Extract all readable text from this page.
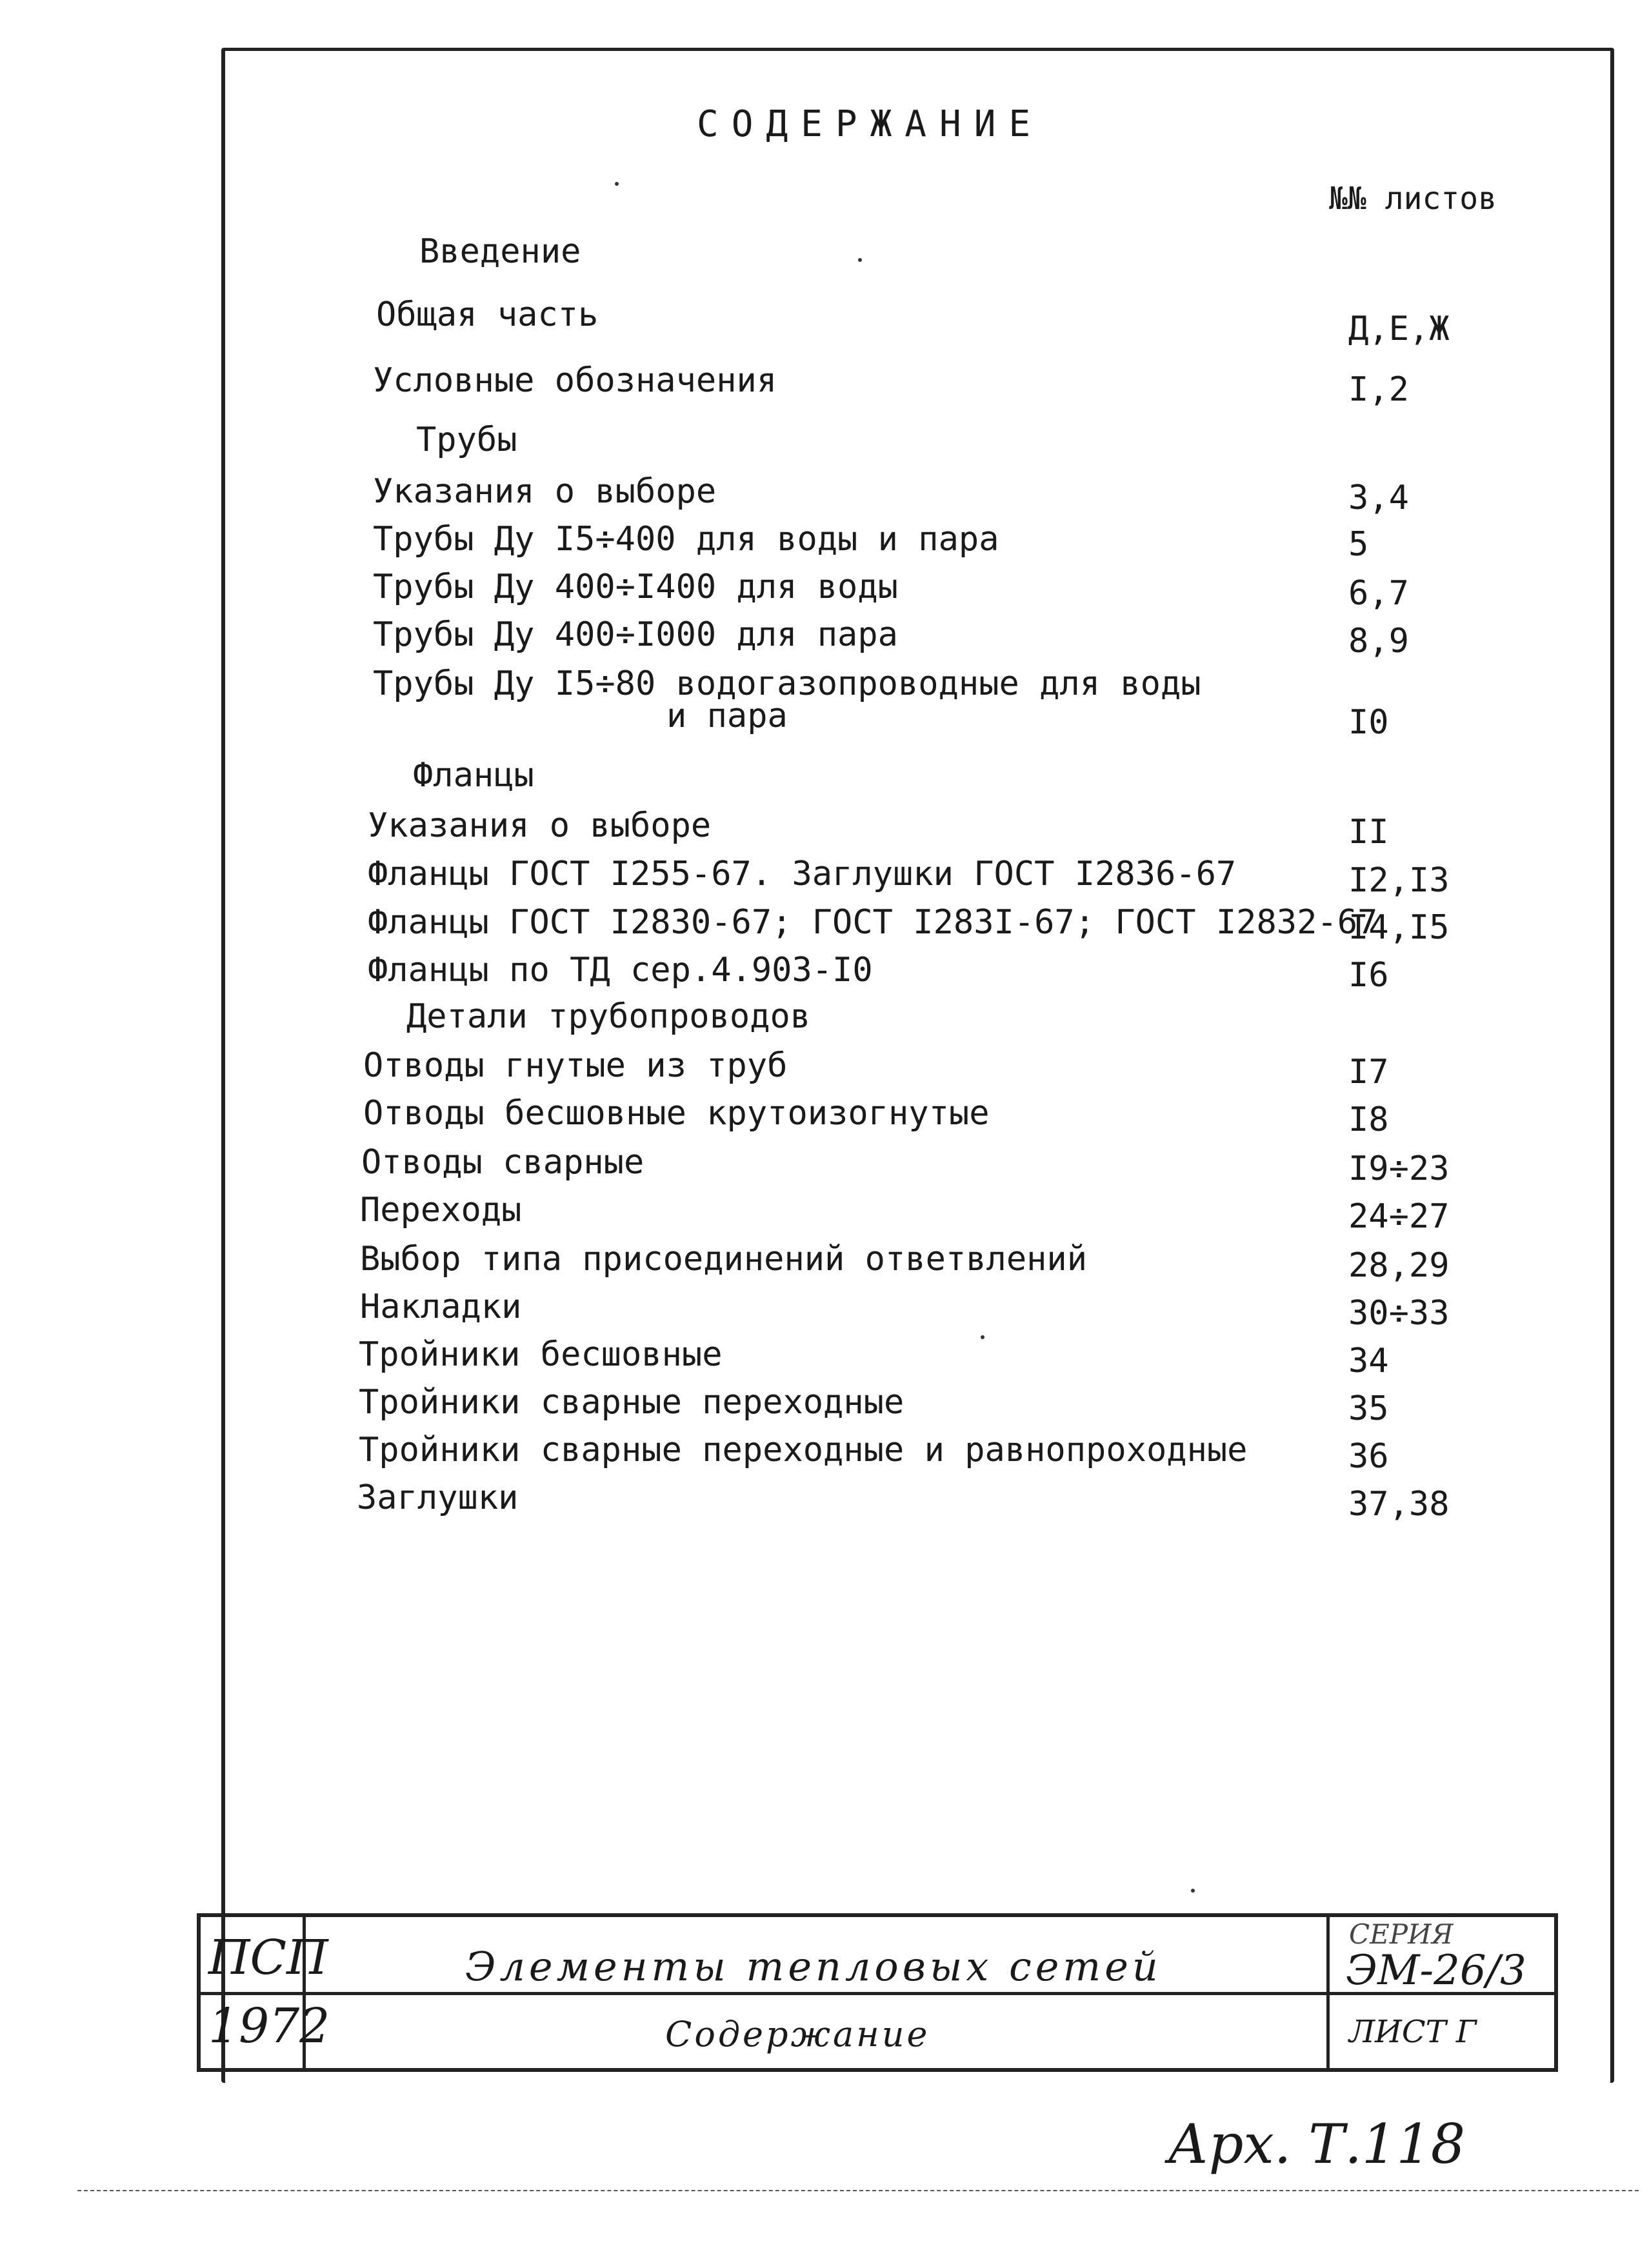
СОДЕРЖАНИЕ
№№ листов
Введение
Общая часть	Д,Е,Ж
Условные обозначения	I,2
Трубы
Указания о выборе	3,4
Трубы Ду I5÷400 для воды и пара	5
Трубы Ду 400÷I400 для воды	6,7
Трубы Ду 400÷I000 для пара	8,9
Трубы Ду I5÷80 водогазопроводные для воды
и пара	I0
Фланцы
Указания о выборе	II
Фланцы ГОСТ I255-67. Заглушки ГОСТ I2836-67	I2,I3
Фланцы ГОСТ I2830-67; ГОСТ I283I-67; ГОСТ I2832-67
I4,I5
Фланцы по ТД сер.4.903-I0	I6
Детали трубопроводов
Отводы гнутые из труб	I7
Отводы бесшовные крутоизогнутые	I8
Отводы сварные	I9÷23
Переходы	24÷27
Выбор типа присоединений ответвлений	28,29
Накладки	30÷33
Тройники бесшовные	34
Тройники сварные переходные	35
Тройники сварные переходные и равнопроходные	36
Заглушки	37,38
ПСП
1972
Элементы тепловых сетей
Содержание
СЕРИЯ
ЭМ-26/3
ЛИСТ Г
Арх. Т.118
